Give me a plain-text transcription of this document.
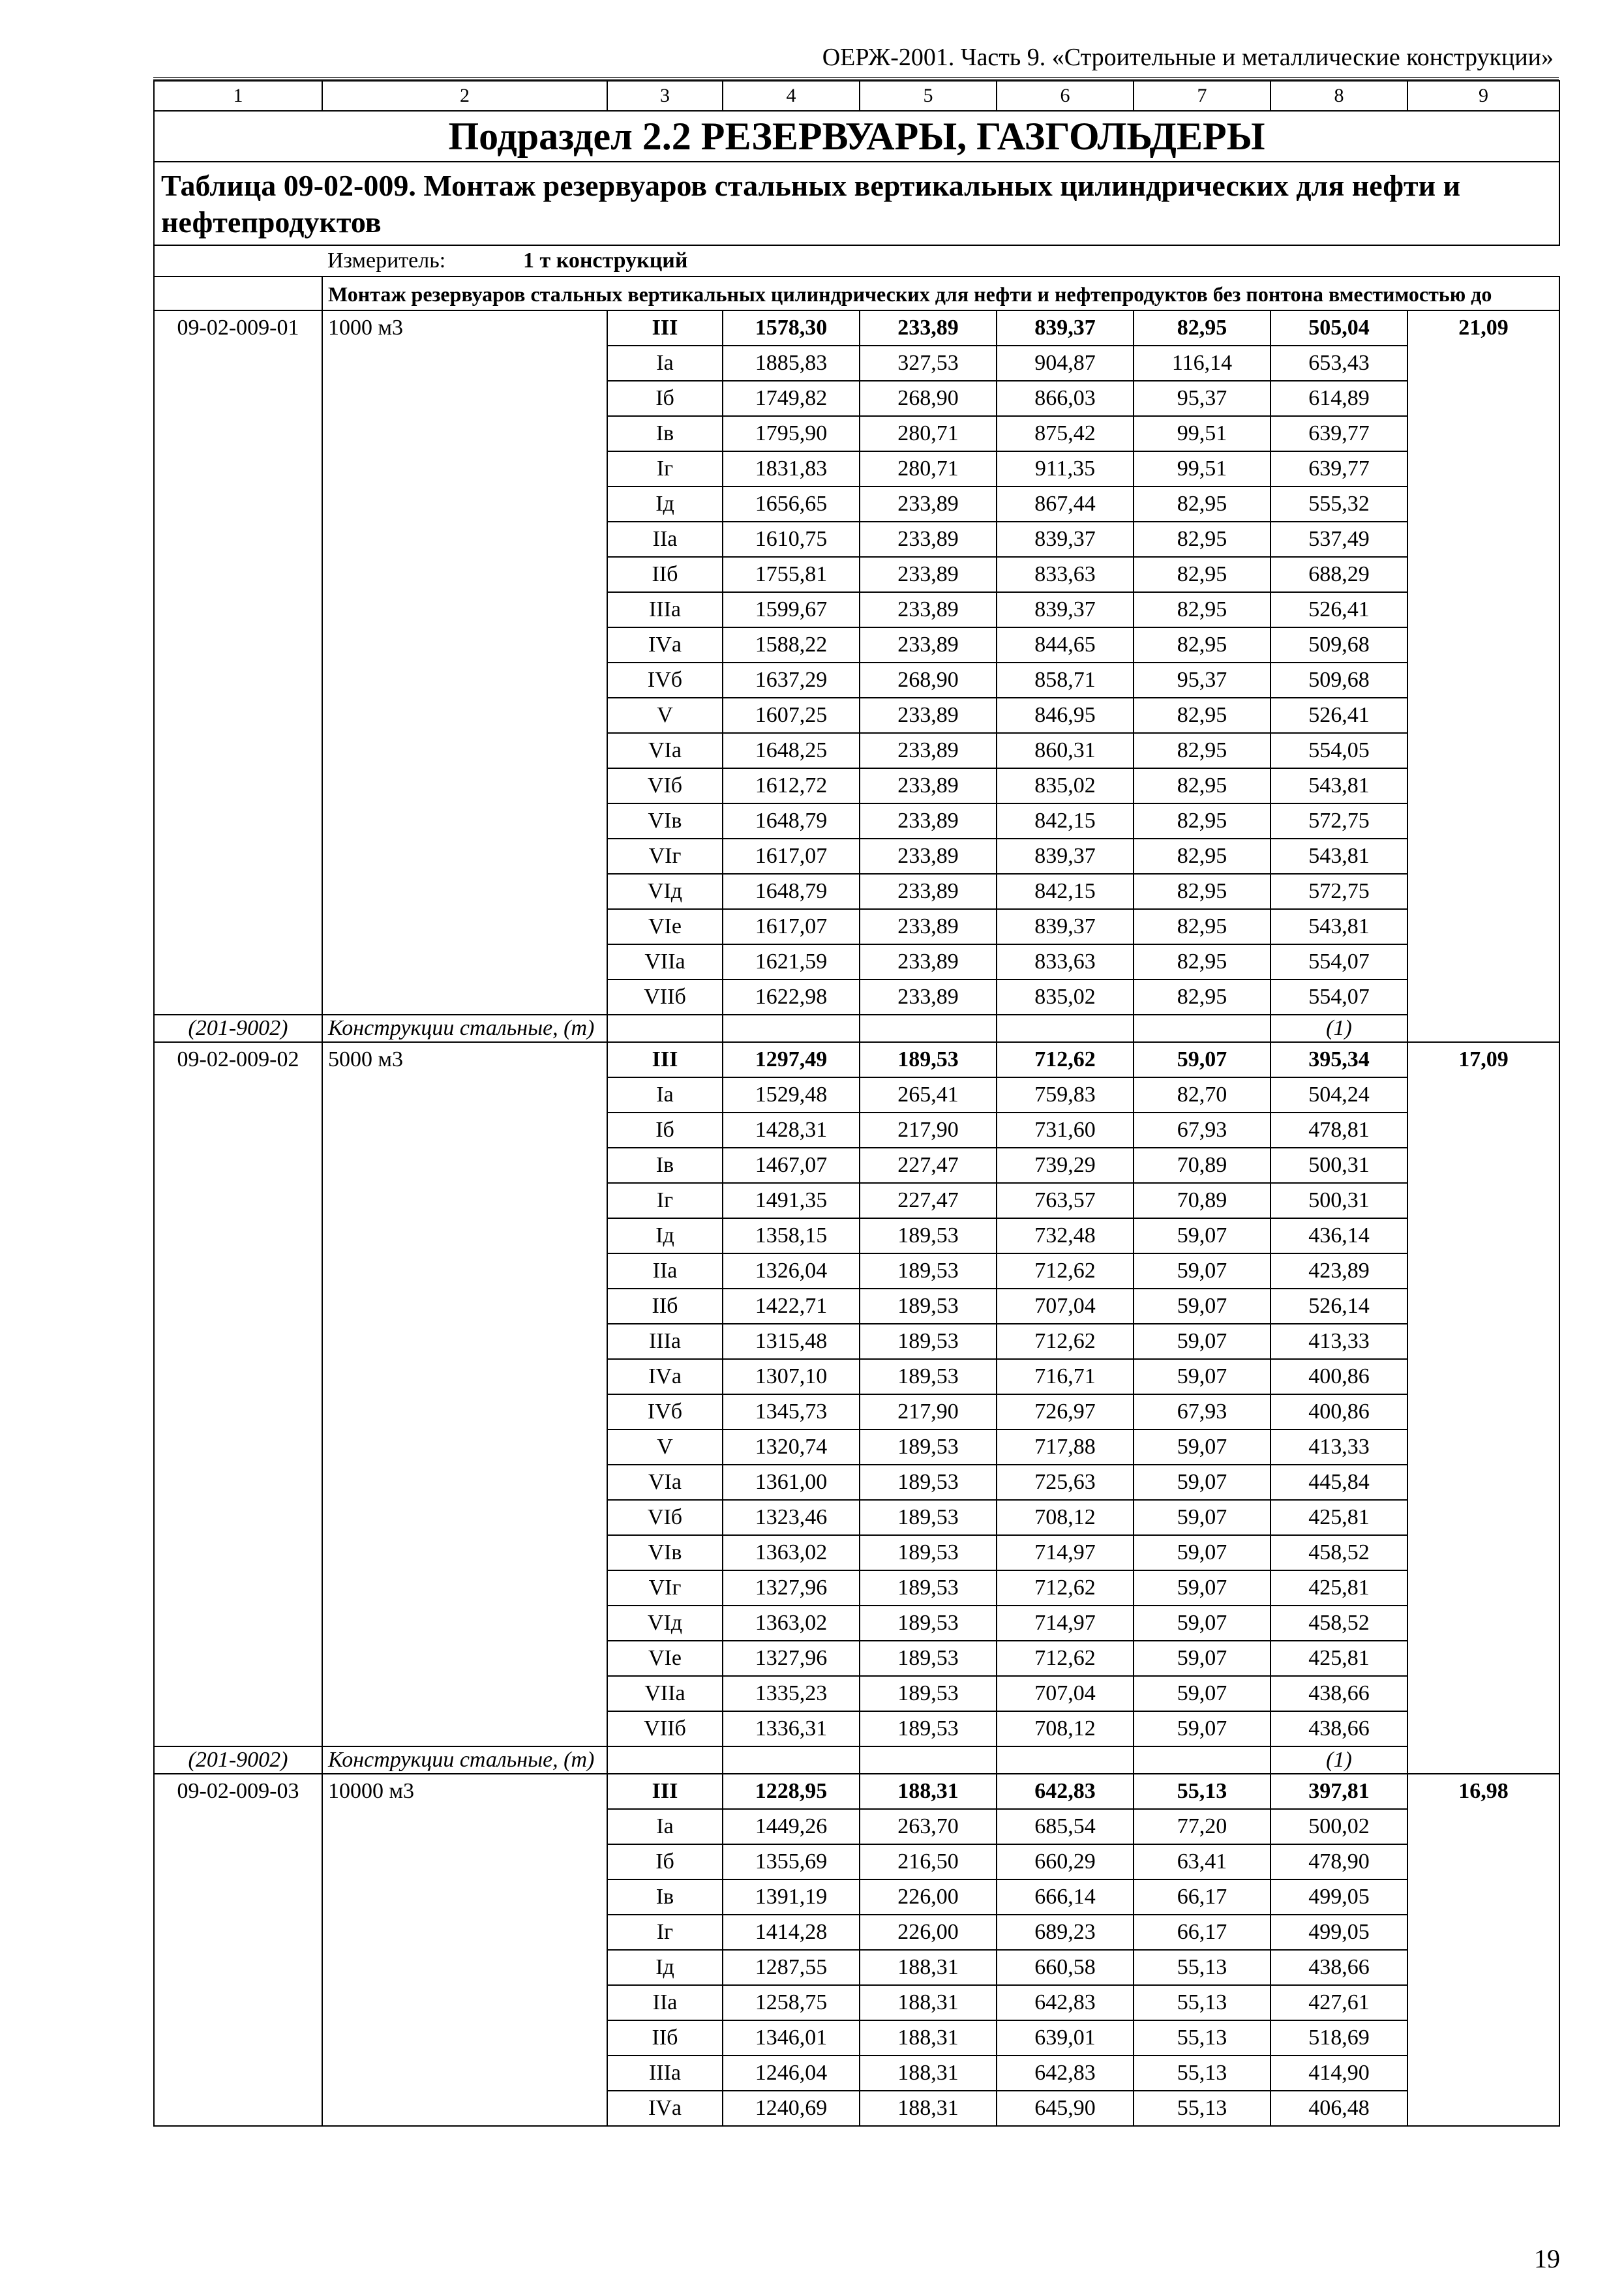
ОЕРЖ-2001. Часть 9. «Строительные и металлические конструкции»
1	2	3	4	5	6	7	8	9
Подраздел 2.2 РЕЗЕРВУАРЫ, ГАЗГОЛЬДЕРЫ								
Таблица 09-02-009. Монтаж резервуаров стальных вертикальных цилиндрических для нефти и нефтепродуктов								
	Измеритель: 1 т конструкций							
	Монтаж резервуаров стальных вертикальных цилиндрических для нефти и нефтепродуктов без понтона вместимостью до							
09-02-009-01	1000 м3	III	1578,30	233,89	839,37	82,95	505,04	21,09
		Iа	1885,83	327,53	904,87	116,14	653,43	
		Iб	1749,82	268,90	866,03	95,37	614,89	
		Iв	1795,90	280,71	875,42	99,51	639,77	
		Iг	1831,83	280,71	911,35	99,51	639,77	
		Iд	1656,65	233,89	867,44	82,95	555,32	
		IIа	1610,75	233,89	839,37	82,95	537,49	
		IIб	1755,81	233,89	833,63	82,95	688,29	
		IIIа	1599,67	233,89	839,37	82,95	526,41	
		IVа	1588,22	233,89	844,65	82,95	509,68	
		IVб	1637,29	268,90	858,71	95,37	509,68	
		V	1607,25	233,89	846,95	82,95	526,41	
		VIа	1648,25	233,89	860,31	82,95	554,05	
		VIб	1612,72	233,89	835,02	82,95	543,81	
		VIв	1648,79	233,89	842,15	82,95	572,75	
		VIг	1617,07	233,89	839,37	82,95	543,81	
		VIд	1648,79	233,89	842,15	82,95	572,75	
		VIе	1617,07	233,89	839,37	82,95	543,81	
		VIIа	1621,59	233,89	833,63	82,95	554,07	
		VIIб	1622,98	233,89	835,02	82,95	554,07	
(201-9002)	Конструкции стальные, (т)						(1)	
09-02-009-02	5000 м3	III	1297,49	189,53	712,62	59,07	395,34	17,09
		Iа	1529,48	265,41	759,83	82,70	504,24	
		Iб	1428,31	217,90	731,60	67,93	478,81	
		Iв	1467,07	227,47	739,29	70,89	500,31	
		Iг	1491,35	227,47	763,57	70,89	500,31	
		Iд	1358,15	189,53	732,48	59,07	436,14	
		IIа	1326,04	189,53	712,62	59,07	423,89	
		IIб	1422,71	189,53	707,04	59,07	526,14	
		IIIа	1315,48	189,53	712,62	59,07	413,33	
		IVа	1307,10	189,53	716,71	59,07	400,86	
		IVб	1345,73	217,90	726,97	67,93	400,86	
		V	1320,74	189,53	717,88	59,07	413,33	
		VIа	1361,00	189,53	725,63	59,07	445,84	
		VIб	1323,46	189,53	708,12	59,07	425,81	
		VIв	1363,02	189,53	714,97	59,07	458,52	
		VIг	1327,96	189,53	712,62	59,07	425,81	
		VIд	1363,02	189,53	714,97	59,07	458,52	
		VIе	1327,96	189,53	712,62	59,07	425,81	
		VIIа	1335,23	189,53	707,04	59,07	438,66	
		VIIб	1336,31	189,53	708,12	59,07	438,66	
(201-9002)	Конструкции стальные, (т)						(1)	
09-02-009-03	10000 м3	III	1228,95	188,31	642,83	55,13	397,81	16,98
		Iа	1449,26	263,70	685,54	77,20	500,02	
		Iб	1355,69	216,50	660,29	63,41	478,90	
		Iв	1391,19	226,00	666,14	66,17	499,05	
		Iг	1414,28	226,00	689,23	66,17	499,05	
		Iд	1287,55	188,31	660,58	55,13	438,66	
		IIа	1258,75	188,31	642,83	55,13	427,61	
		IIб	1346,01	188,31	639,01	55,13	518,69	
		IIIа	1246,04	188,31	642,83	55,13	414,90	
		IVа	1240,69	188,31	645,90	55,13	406,48	
19
